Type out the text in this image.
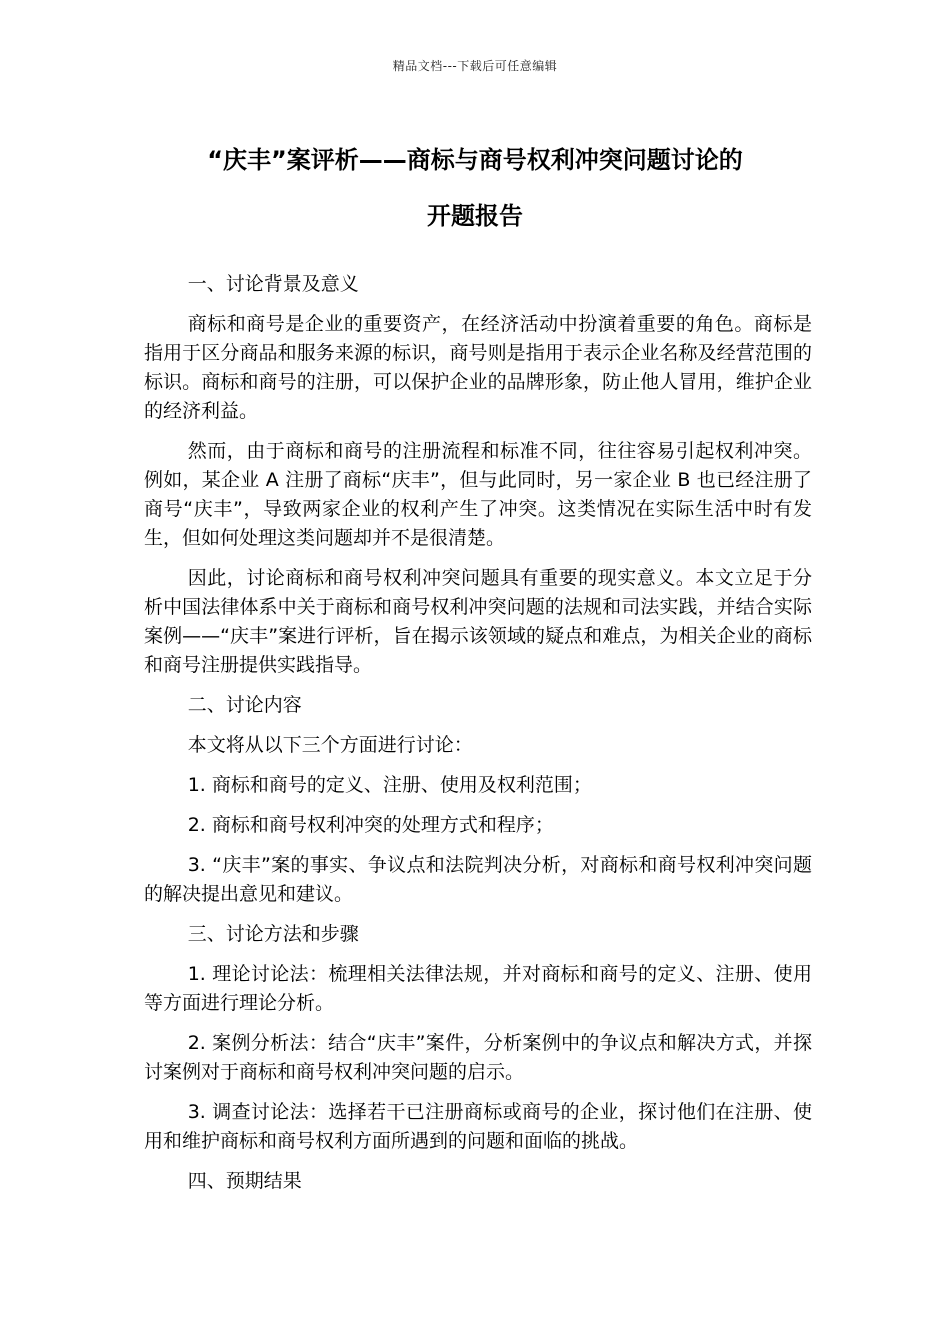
精品文档---下载后可任意编辑
“庆丰”案评析——商标与商号权利冲突问题讨论的
开题报告

一、讨论背景及意义

商标和商号是企业的重要资产，在经济活动中扮演着重要的角色。商标是指用于区分商品和服务来源的标识，商号则是指用于表示企业名称及经营范围的标识。商标和商号的注册，可以保护企业的品牌形象，防止他人冒用，维护企业的经济利益。

然而，由于商标和商号的注册流程和标准不同，往往容易引起权利冲突。例如，某企业 A 注册了商标“庆丰”，但与此同时，另一家企业 B 也已经注册了商号“庆丰”，导致两家企业的权利产生了冲突。这类情况在实际生活中时有发生，但如何处理这类问题却并不是很清楚。

因此，讨论商标和商号权利冲突问题具有重要的现实意义。本文立足于分析中国法律体系中关于商标和商号权利冲突问题的法规和司法实践，并结合实际案例——“庆丰”案进行评析，旨在揭示该领域的疑点和难点，为相关企业的商标和商号注册提供实践指导。

二、讨论内容

本文将从以下三个方面进行讨论：

1. 商标和商号的定义、注册、使用及权利范围；

2. 商标和商号权利冲突的处理方式和程序；

3. “庆丰”案的事实、争议点和法院判决分析，对商标和商号权利冲突问题的解决提出意见和建议。

三、讨论方法和步骤

1. 理论讨论法：梳理相关法律法规，并对商标和商号的定义、注册、使用等方面进行理论分析。

2. 案例分析法：结合“庆丰”案件，分析案例中的争议点和解决方式，并探讨案例对于商标和商号权利冲突问题的启示。

3. 调查讨论法：选择若干已注册商标或商号的企业，探讨他们在注册、使用和维护商标和商号权利方面所遇到的问题和面临的挑战。

四、预期结果
